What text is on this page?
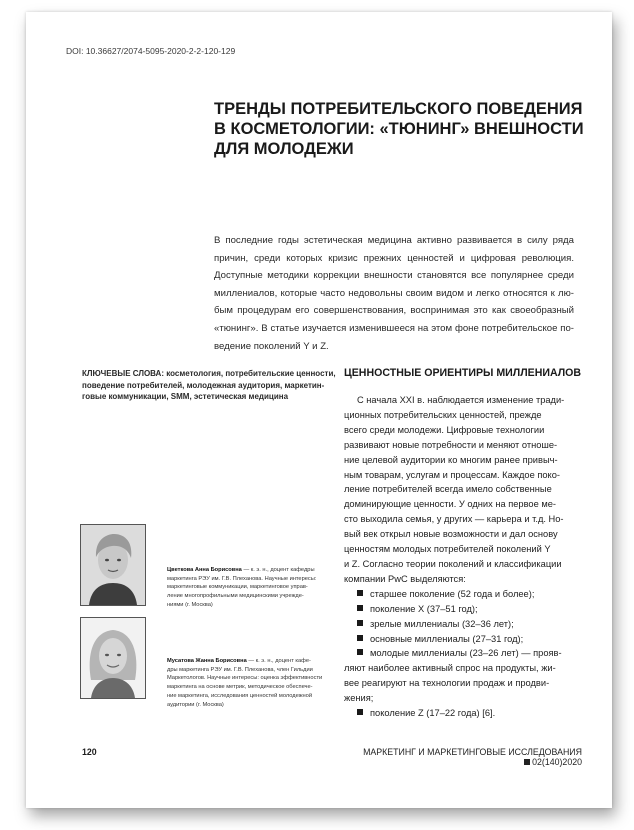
DOI: 10.36627/2074-5095-2020-2-2-120-129
ТРЕНДЫ ПОТРЕБИТЕЛЬСКОГО ПОВЕДЕНИЯ
В КОСМЕТОЛОГИИ: «ТЮНИНГ» ВНЕШНОСТИ
ДЛЯ МОЛОДЕЖИ
В последние годы эстетическая медицина активно развивается в силу ряда
причин, среди которых кризис прежних ценностей и цифровая революция.
Доступные методики коррекции внешности становятся все популярнее среди
миллениалов, которые часто недовольны своим видом и легко относятся к лю-
бым процедурам его совершенствования, воспринимая это как своеобразный
«тюнинг». В статье изучается изменившееся на этом фоне потребительское по-
ведение поколений Y и Z.
КЛЮЧЕВЫЕ СЛОВА: косметология, потребительские ценности,
поведение потребителей, молодежная аудитория, маркетин-
говые коммуникации, SMM, эстетическая медицина
ЦЕННОСТНЫЕ ОРИЕНТИРЫ МИЛЛЕНИАЛОВ
С начала XXI в. наблюдается изменение тради-
ционных потребительских ценностей, прежде
всего среди молодежи. Цифровые технологии
развивают новые потребности и меняют отноше-
ние целевой аудитории ко многим ранее привыч-
ным товарам, услугам и процессам. Каждое поко-
ление потребителей всегда имело собственные
доминирующие ценности. У одних на первое ме-
сто выходила семья, у других — карьера и т.д. Но-
вый век открыл новые возможности и дал основу
ценностям молодых потребителей поколений Y
и Z. Согласно теории поколений и классификации
компании PwC выделяются:
старшее поколение (52 года и более);
поколение X (37–51 год);
зрелые миллениалы (32–36 лет);
основные миллениалы (27–31 год);
молодые миллениалы (23–26 лет) — прояв-
ляют наиболее активный спрос на продукты, жи-
вее реагируют на технологии продаж и продви-
жения;
поколение Z (17–22 года) [6].
Цветкова Анна Борисовна — к. э. н., доцент кафедры
маркетинга РЭУ им. Г.В. Плеханова. Научные интересы:
маркетинговые коммуникации, маркетинговое управ-
ление многопрофильными медицинскими учрежде-
ниями (г. Москва)
Мусатова Жанна Борисовна — к. э. н., доцент кафе-
дры маркетинга РЭУ им. Г.В. Плеханова, член Гильдии
Маркетологов. Научные интересы: оценка эффективности
маркетинга на основе метрик, методическое обеспече-
ние маркетинга, исследования ценностей молодежной
аудитории (г. Москва)
120	МАРКЕТИНГ И МАРКЕТИНГОВЫЕ ИССЛЕДОВАНИЯ02(140)2020
